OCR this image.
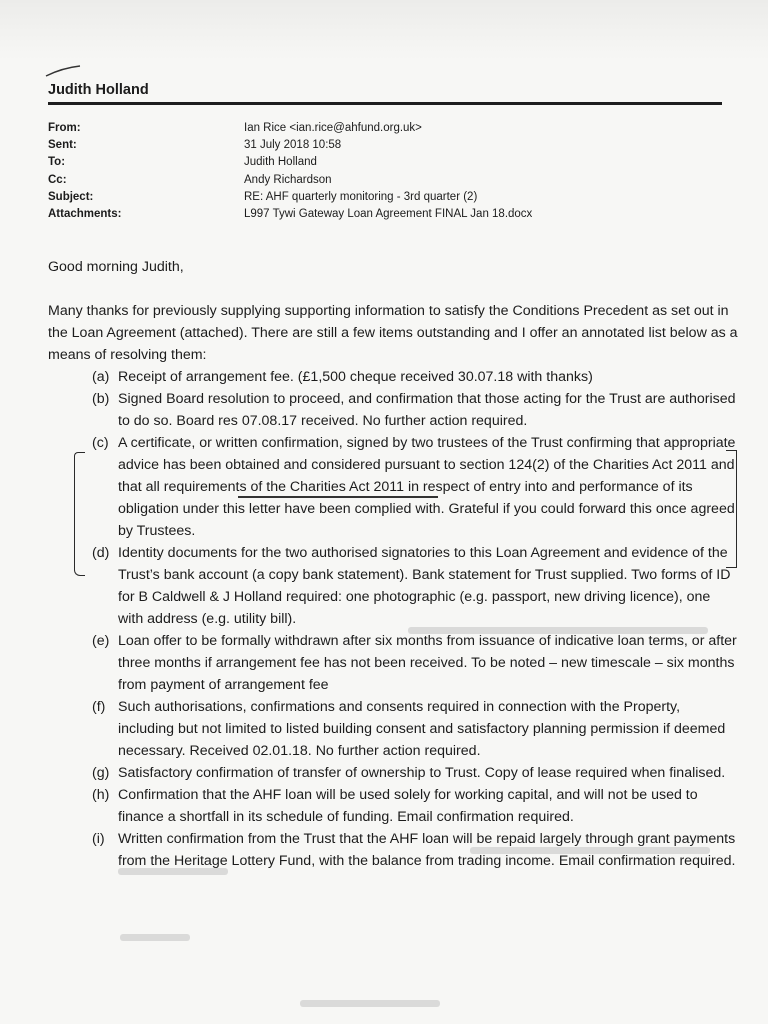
Judith Holland
From:	Ian Rice <ian.rice@ahfund.org.uk>
Sent:	31 July 2018 10:58
To:	Judith Holland
Cc:	Andy Richardson
Subject:	RE: AHF quarterly monitoring - 3rd quarter (2)
Attachments:	L997 Tywi Gateway Loan Agreement FINAL Jan 18.docx

Good morning Judith,

Many thanks for previously supplying supporting information to satisfy the Conditions Precedent as set out in the Loan Agreement (attached). There are still a few items outstanding and I offer an annotated list below as a means of resolving them:

(a) Receipt of arrangement fee. (£1,500 cheque received 30.07.18 with thanks)
(b) Signed Board resolution to proceed, and confirmation that those acting for the Trust are authorised to do so. Board res 07.08.17 received. No further action required.
(c) A certificate, or written confirmation, signed by two trustees of the Trust confirming that appropriate advice has been obtained and considered pursuant to section 124(2) of the Charities Act 2011 and that all requirements of the Charities Act 2011 in respect of entry into and performance of its obligation under this letter have been complied with. Grateful if you could forward this once agreed by Trustees.
(d) Identity documents for the two authorised signatories to this Loan Agreement and evidence of the Trust’s bank account (a copy bank statement). Bank statement for Trust supplied. Two forms of ID for B Caldwell & J Holland required: one photographic (e.g. passport, new driving licence), one with address (e.g. utility bill).
(e) Loan offer to be formally withdrawn after six months from issuance of indicative loan terms, or after three months if arrangement fee has not been received. To be noted – new timescale – six months from payment of arrangement fee
(f) Such authorisations, confirmations and consents required in connection with the Property, including but not limited to listed building consent and satisfactory planning permission if deemed necessary. Received 02.01.18. No further action required.
(g) Satisfactory confirmation of transfer of ownership to Trust. Copy of lease required when finalised.
(h) Confirmation that the AHF loan will be used solely for working capital, and will not be used to finance a shortfall in its schedule of funding. Email confirmation required.
(i) Written confirmation from the Trust that the AHF loan will be repaid largely through grant payments from the Heritage Lottery Fund, with the balance from trading income. Email confirmation required.
